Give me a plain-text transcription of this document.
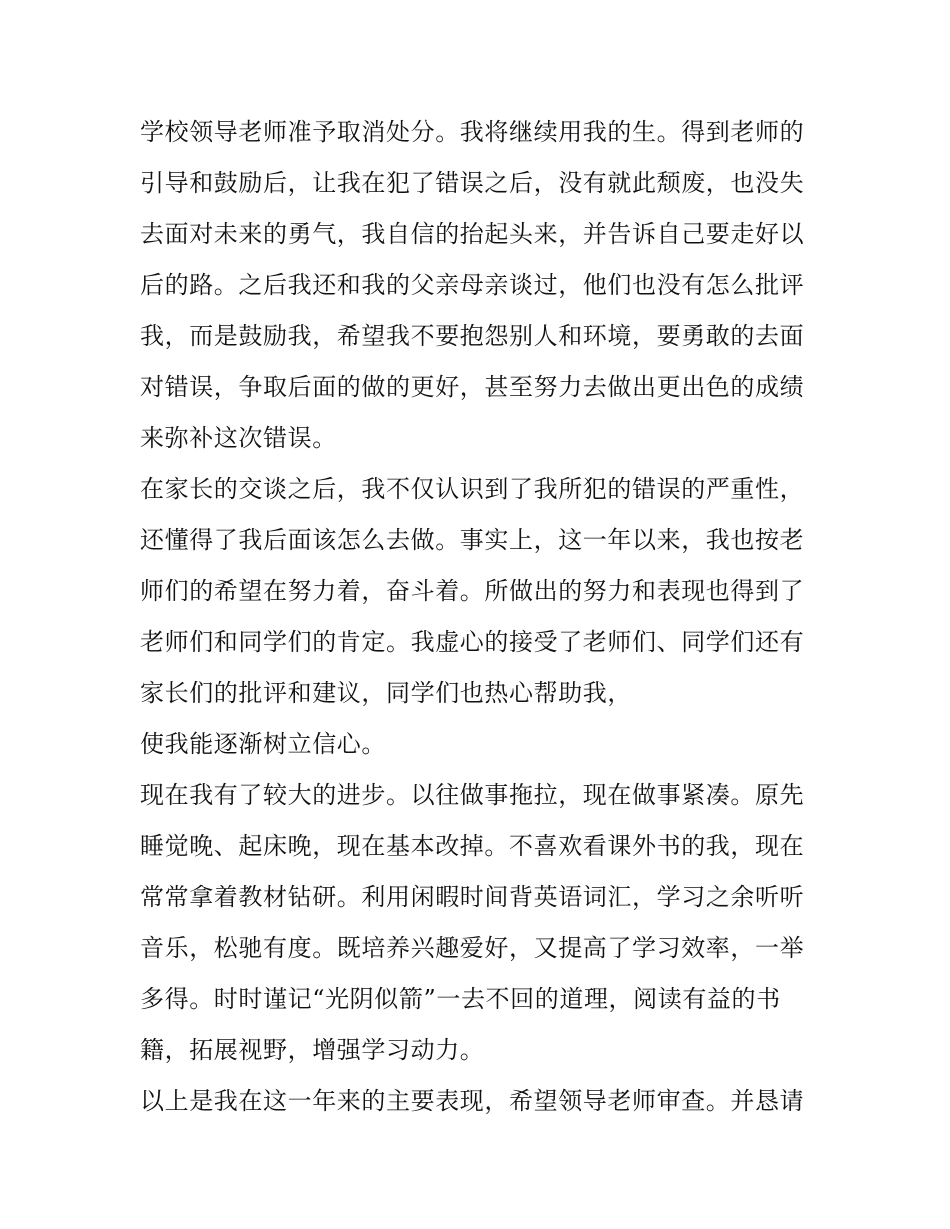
学校领导老师准予取消处分。我将继续用我的生。得到老师的
引导和鼓励后，让我在犯了错误之后，没有就此颓废，也没失
去面对未来的勇气，我自信的抬起头来，并告诉自己要走好以
后的路。之后我还和我的父亲母亲谈过，他们也没有怎么批评
我，而是鼓励我，希望我不要抱怨别人和环境，要勇敢的去面
对错误，争取后面的做的更好，甚至努力去做出更出色的成绩
来弥补这次错误。
在家长的交谈之后，我不仅认识到了我所犯的错误的严重性，
还懂得了我后面该怎么去做。事实上，这一年以来，我也按老
师们的希望在努力着，奋斗着。所做出的努力和表现也得到了
老师们和同学们的肯定。我虚心的接受了老师们、同学们还有
家长们的批评和建议，同学们也热心帮助我，
使我能逐渐树立信心。
现在我有了较大的进步。以往做事拖拉，现在做事紧凑。原先
睡觉晚、起床晚，现在基本改掉。不喜欢看课外书的我，现在
常常拿着教材钻研。利用闲暇时间背英语词汇，学习之余听听
音乐，松驰有度。既培养兴趣爱好，又提高了学习效率，一举
多得。时时谨记“光阴似箭”一去不回的道理，阅读有益的书
籍，拓展视野，增强学习动力。
以上是我在这一年来的主要表现，希望领导老师审查。并恳请
